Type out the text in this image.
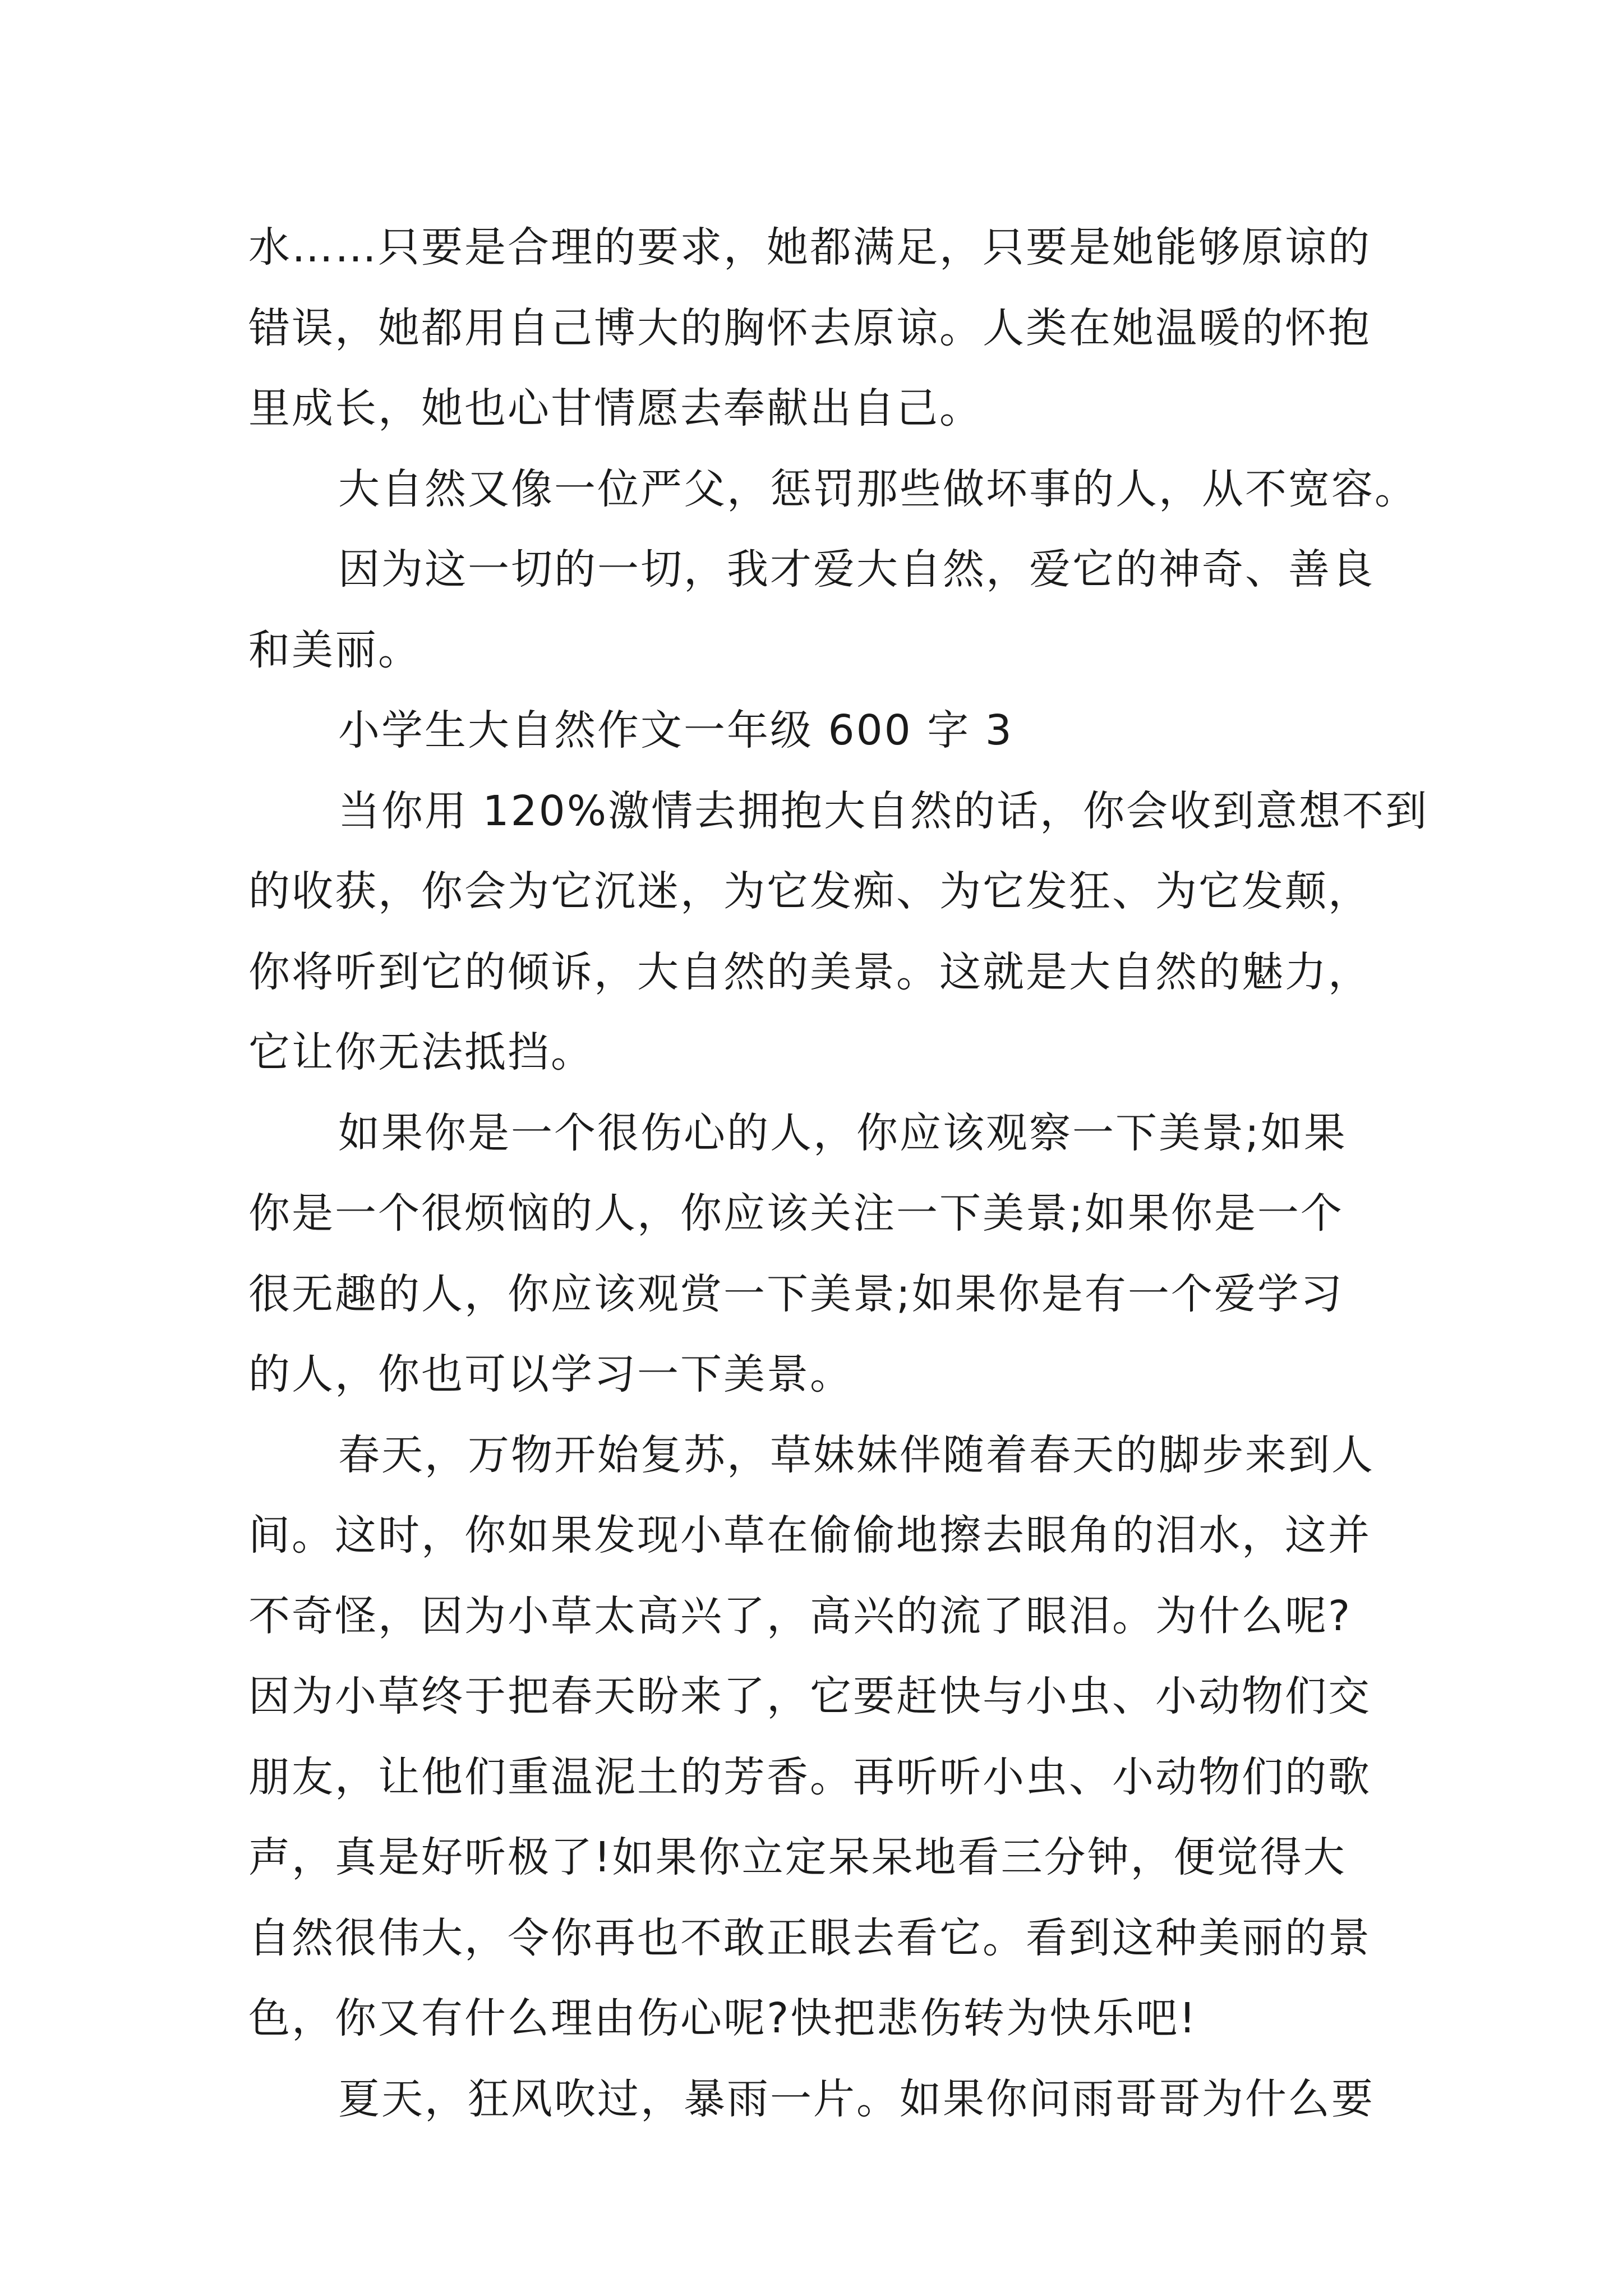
水……只要是合理的要求，她都满足，只要是她能够原谅的
错误，她都用自己博大的胸怀去原谅。人类在她温暖的怀抱
里成长，她也心甘情愿去奉献出自己。
大自然又像一位严父，惩罚那些做坏事的人，从不宽容。
因为这一切的一切，我才爱大自然，爱它的神奇、善良
和美丽。
小学生大自然作文一年级 600 字 3
当你用 120%激情去拥抱大自然的话，你会收到意想不到
的收获，你会为它沉迷，为它发痴、为它发狂、为它发颠，
你将听到它的倾诉，大自然的美景。这就是大自然的魅力，
它让你无法抵挡。
如果你是一个很伤心的人，你应该观察一下美景;如果
你是一个很烦恼的人，你应该关注一下美景;如果你是一个
很无趣的人，你应该观赏一下美景;如果你是有一个爱学习
的人，你也可以学习一下美景。
春天，万物开始复苏，草妹妹伴随着春天的脚步来到人
间。这时，你如果发现小草在偷偷地擦去眼角的泪水，这并
不奇怪，因为小草太高兴了，高兴的流了眼泪。为什么呢?
因为小草终于把春天盼来了，它要赶快与小虫、小动物们交
朋友，让他们重温泥土的芳香。再听听小虫、小动物们的歌
声，真是好听极了!如果你立定呆呆地看三分钟，便觉得大
自然很伟大，令你再也不敢正眼去看它。看到这种美丽的景
色，你又有什么理由伤心呢?快把悲伤转为快乐吧!
夏天，狂风吹过，暴雨一片。如果你问雨哥哥为什么要
